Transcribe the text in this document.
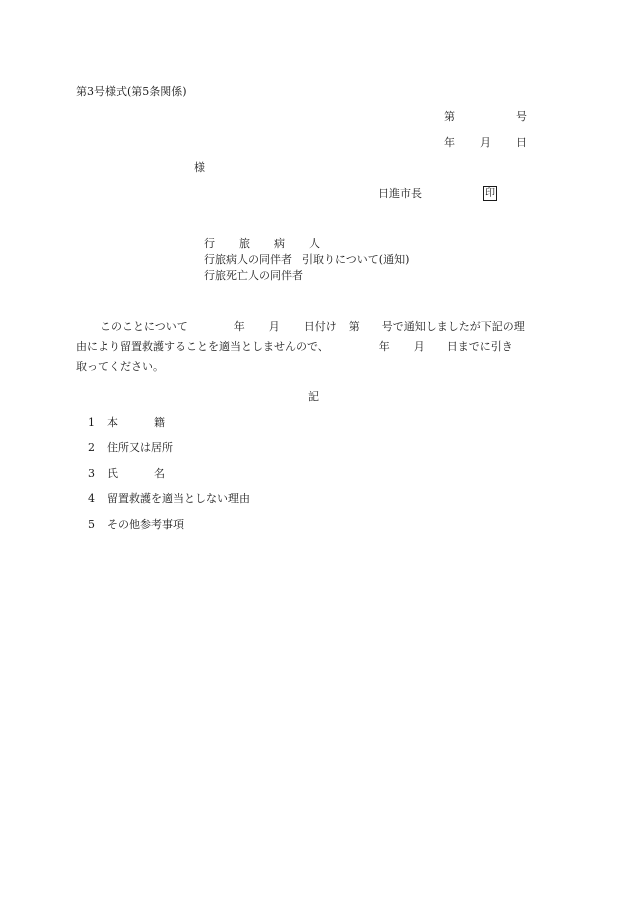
第3号様式(第5条関係)
第	号
年 月 日
様
日進市長	印
行 旅 病 人
行旅病人の同伴者 引取りについて(通知)
行旅死亡人の同伴者
このことについて	年 月 日付け 第 号で通知しましたが下記の理
由により留置救護することを適当としませんので、	年 月 日までに引き
取ってください。
記
1 本	籍
2 住所又は居所
3 氏	名
4 留置救護を適当としない理由
5 その他参考事項
